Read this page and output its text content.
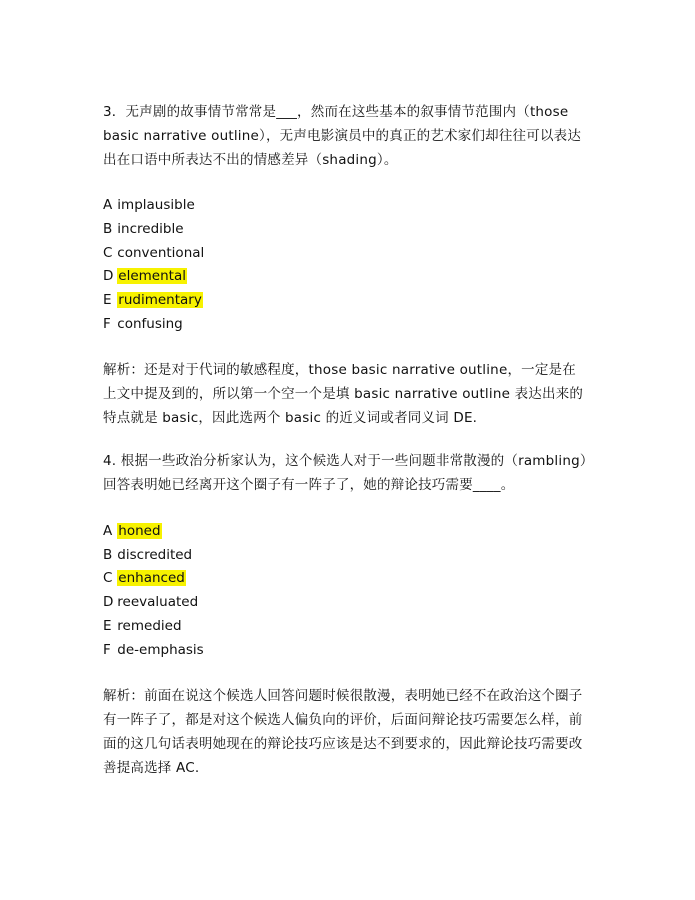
3．无声剧的故事情节常常是___，然而在这些基本的叙事情节范围内（those basic narrative outline），无声电影演员中的真正的艺术家们却往往可以表达出在口语中所表达不出的情感差异（shading）。

A implausible
B incredible
C conventional
D elemental
E rudimentary
F confusing

解析：还是对于代词的敏感程度，those basic narrative outline，一定是在上文中提及到的，所以第一个空一个是填 basic narrative outline 表达出来的特点就是 basic，因此选两个 basic 的近义词或者同义词 DE.

4. 根据一些政治分析家认为，这个候选人对于一些问题非常散漫的（rambling）回答表明她已经离开这个圈子有一阵子了，她的辩论技巧需要____。

A honed
B discredited
C enhanced
D reevaluated
E remedied
F de-emphasis

解析：前面在说这个候选人回答问题时候很散漫，表明她已经不在政治这个圈子有一阵子了，都是对这个候选人偏负向的评价，后面问辩论技巧需要怎么样，前面的这几句话表明她现在的辩论技巧应该是达不到要求的，因此辩论技巧需要改善提高选择 AC.
